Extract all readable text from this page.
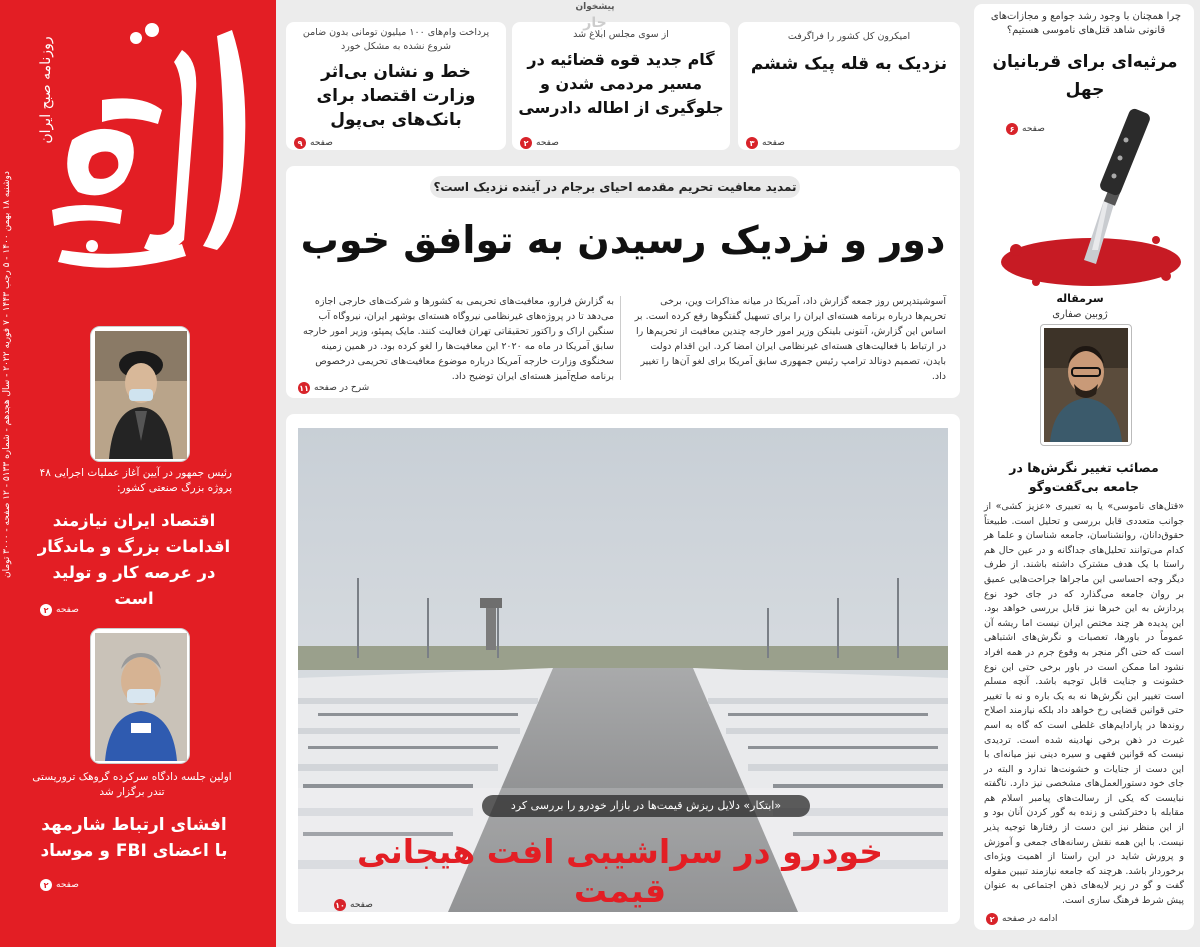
روزنامه صبح ایران
دوشنبه ۱۸ بهمن ۱۴۰۰ - ۵ رجب ۱۴۴۳ - ۷ فوریه ۲۰۲۲ - سال هجدهم - شماره ۵۱۳۳ - ۱۲ صفحه - ۳۰۰۰ تومان
رئیس جمهور در آیین آغاز عملیات اجرایی ۴۸ پروژه بزرگ صنعتی کشور:
اقتصاد ایران نیازمند اقدامات بزرگ و ماندگار در عرصه کار و تولید است
صفحه
۲
اولین جلسه دادگاه سرکرده گروهک تروریستی تندر برگزار شد
افشای ارتباط شارمهد با اعضای FBI و موساد
صفحه
۲
پرداخت وام‌های ۱۰۰ میلیون تومانی بدون ضامن شروع نشده به مشکل خورد
خط و نشان بی‌اثر وزارت اقتصاد برای بانک‌های بی‌پول
صفحه
۹
از سوی مجلس ابلاغ شد
گام جدید قوه قضائیه در مسیر مردمی شدن و جلوگیری از اطاله دادرسی
صفحه
۲
امیکرون کل کشور را فراگرفت
نزدیک به قله پیک ششم
صفحه
۳
پیشخوان
جار
تمدید معافیت تحریم مقدمه احیای برجام در آینده نزدیک است؟
دور و نزدیک رسیدن به توافق خوب
آسوشیتدپرس روز جمعه گزارش داد، آمریکا در میانه مذاکرات وین، برخی تحریم‌ها درباره برنامه هسته‌ای ایران را برای تسهیل گفتگوها رفع کرده است. بر اساس این گزارش، آنتونی بلینکن وزیر امور خارجه چندین معافیت از تحریم‌ها را در ارتباط با فعالیت‌های هسته‌ای غیرنظامی ایران امضا کرد. این اقدام دولت بایدن، تصمیم دونالد ترامپ رئیس جمهوری سابق آمریکا برای لغو آن‌ها را تغییر داد.
به گزارش فرارو، معافیت‌های تحریمی به کشورها و شرکت‌های خارجی اجازه می‌دهد تا در پروژه‌های غیرنظامی نیروگاه هسته‌ای بوشهر ایران، نیروگاه آب سنگین اراک و راکتور تحقیقاتی تهران فعالیت کنند. مایک پمپئو، وزیر امور خارجه سابق آمریکا در ماه مه ۲۰۲۰ این معافیت‌ها را لغو کرده بود. در همین زمینه سخنگوی وزارت خارجه آمریکا درباره موضوع معافیت‌های تحریمی درخصوص برنامه صلح‌آمیز هسته‌ای ایران توضیح داد.
شرح در صفحه
۱۱
«ابتکار» دلایل ریزش قیمت‌ها در بازار خودرو را بررسی کرد
خودرو در سراشیبی افت هیجانی قیمت
صفحه
۱۰
چرا همچنان با وجود رشد جوامع و مجازات‌های قانونی شاهد قتل‌های ناموسی هستیم؟
مرثیه‌ای برای قربانیان جهل
صفحه
۶
سرمقاله
ژوبین صفاری
مصائب تغییر نگرش‌ها در جامعه بی‌گفت‌وگو
«قتل‌های ناموسی» یا به تعبیری «عزیز کشی» از جوانب متعددی قابل بررسی و تحلیل است. طبیعتاً حقوق‌دانان، روانشناسان، جامعه شناسان و علما هر کدام می‌توانند تحلیل‌های جداگانه و در عین حال هم راستا با یک هدف مشترک داشته باشند. از طرف دیگر وجه احساسی این ماجراها جراحت‌هایی عمیق بر روان جامعه می‌گذارد که در جای خود نوع پردازش به این خبرها نیز قابل بررسی خواهد بود. این پدیده هر چند مختص ایران نیست اما ریشه آن عموماً در باورها، تعصبات و نگرش‌های اشتباهی است که حتی اگر منجر به وقوع جرم در همه افراد نشود اما ممکن است در باور برخی حتی این نوع خشونت و جنایت قابل توجیه باشد. آنچه مسلم است تغییر این نگرش‌ها نه به یک باره و نه با تغییر حتی قوانین قضایی رخ خواهد داد بلکه نیازمند اصلاح روندها در پارادایم‌های غلطی است که گاه به اسم غیرت در ذهن برخی نهادینه شده است. تردیدی نیست که قوانین فقهی و سیره دینی نیز میانه‌ای با این دست از جنایات و خشونت‌ها ندارد و البته در جای خود دستورالعمل‌های مشخصی نیز دارد. ناگفته نبایست که یکی از رسالت‌های پیامبر اسلام هم مقابله با دخترکشی و زنده به گور کردن آنان بود و از این منظر نیز این دست از رفتارها توجیه پذیر نیست. با این همه نقش رسانه‌های جمعی و آموزش و پرورش شاید در این راستا از اهمیت ویژه‌ای برخوردار باشد. هرچند که جامعه نیازمند تبیین مقوله گفت و گو در زیر لایه‌های ذهن اجتماعی به عنوان پیش شرط فرهنگ سازی است.
ادامه در صفحه
۲
